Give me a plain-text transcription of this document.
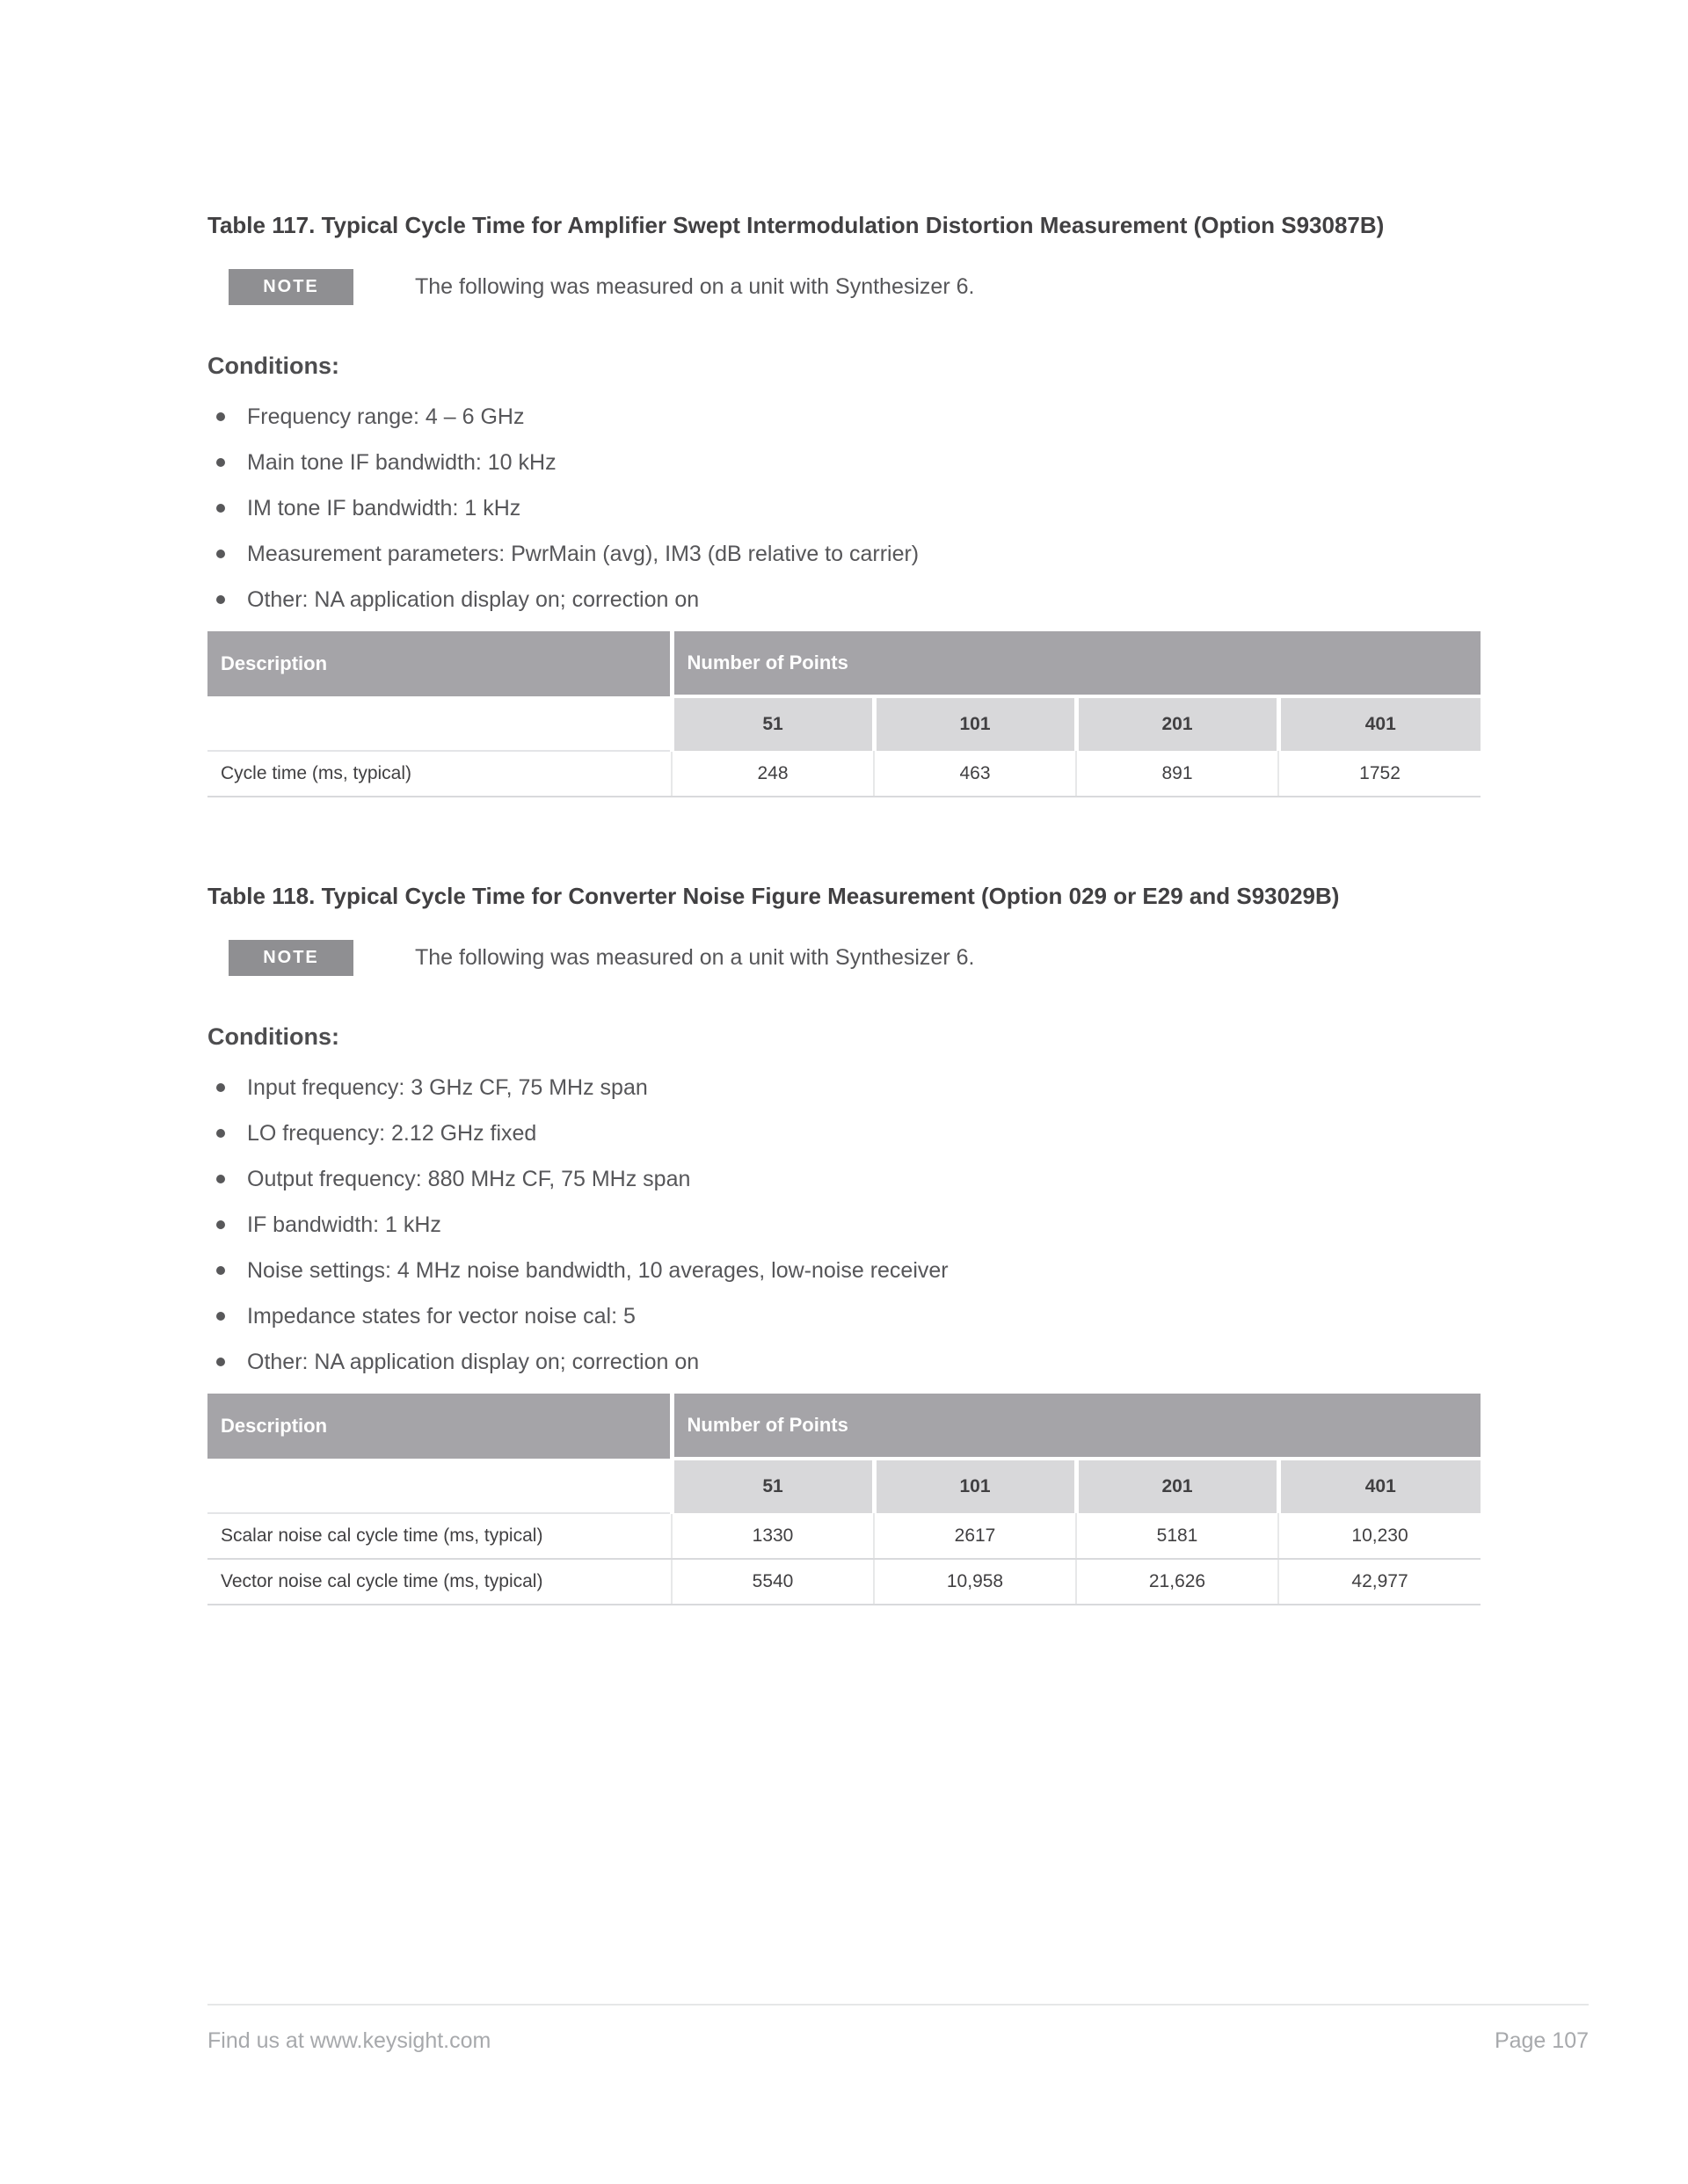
Table 117. Typical Cycle Time for Amplifier Swept Intermodulation Distortion Measurement (Option S93087B)
NOTE	The following was measured on a unit with Synthesizer 6.
Conditions:
Frequency range: 4 – 6 GHz
Main tone IF bandwidth: 10 kHz
IM tone IF bandwidth: 1 kHz
Measurement parameters: PwrMain (avg), IM3 (dB relative to carrier)
Other: NA application display on; correction on
Description	Number of Points			
	51	101	201	401
Cycle time (ms, typical)	248	463	891	1752
Table 118. Typical Cycle Time for Converter Noise Figure Measurement (Option 029 or E29 and S93029B)
NOTE	The following was measured on a unit with Synthesizer 6.
Conditions:
Input frequency: 3 GHz CF, 75 MHz span
LO frequency: 2.12 GHz fixed
Output frequency: 880 MHz CF, 75 MHz span
IF bandwidth: 1 kHz
Noise settings: 4 MHz noise bandwidth, 10 averages, low-noise receiver
Impedance states for vector noise cal: 5
Other: NA application display on; correction on
Description	Number of Points			
	51	101	201	401
Scalar noise cal cycle time (ms, typical)	1330	2617	5181	10,230
Vector noise cal cycle time (ms, typical)	5540	10,958	21,626	42,977
Find us at www.keysight.com	Page 107
